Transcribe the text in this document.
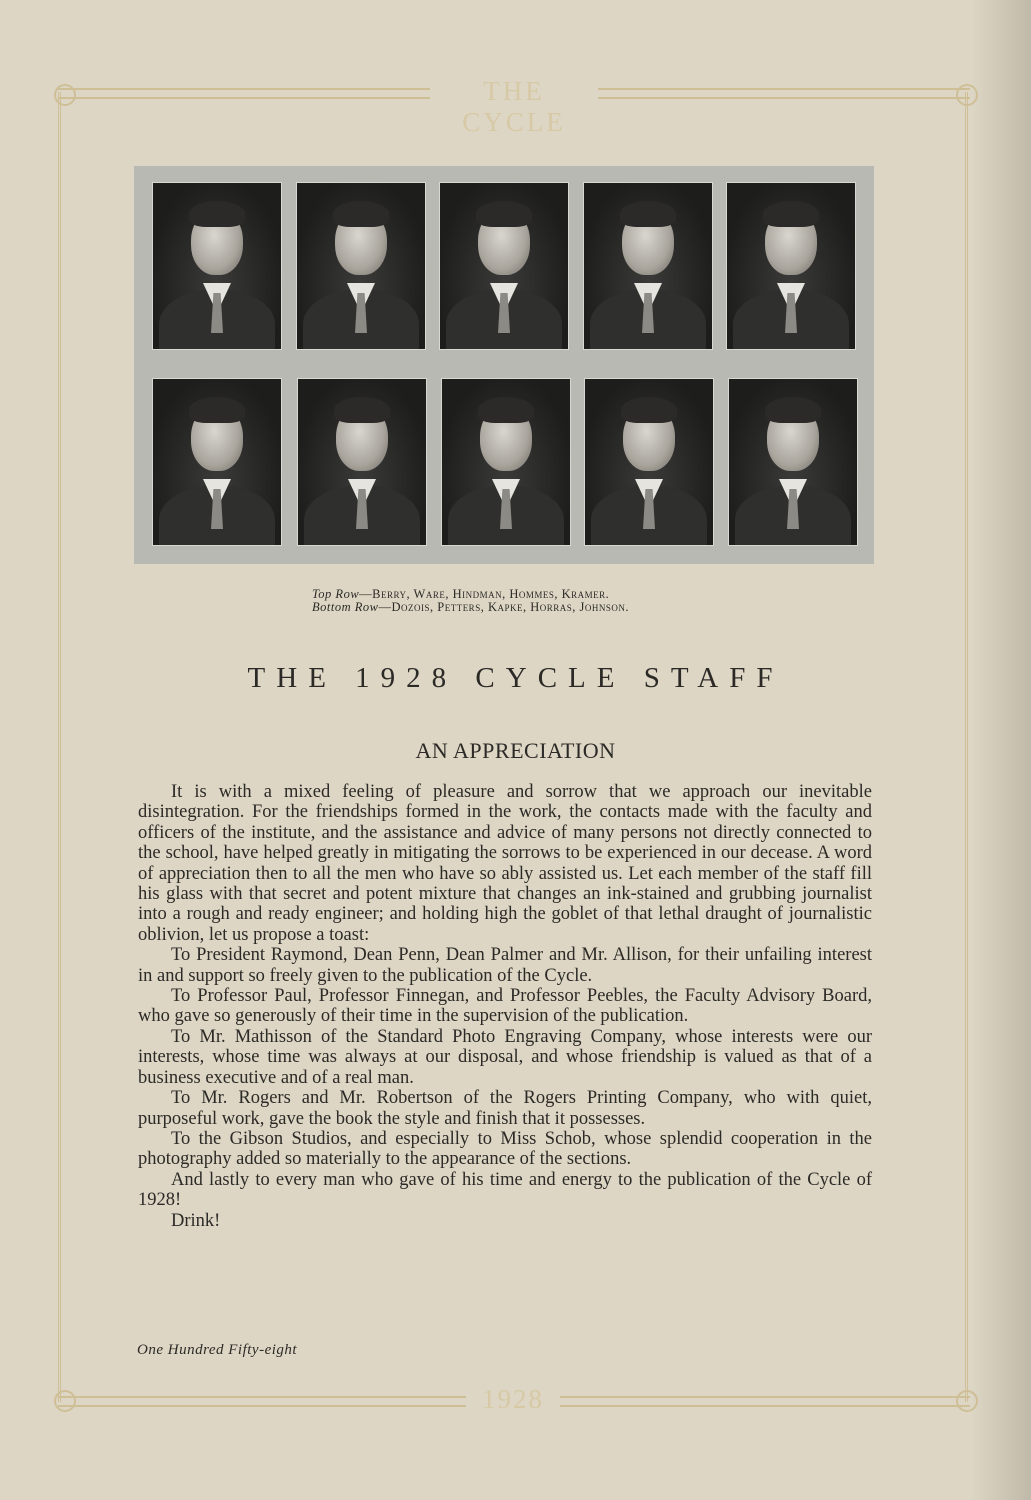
THE CYCLE
1928
Top Row—Berry, Ware, Hindman, Hommes, Kramer.
Bottom Row—Dozois, Petters, Kapke, Horras, Johnson.
THE 1928 CYCLE STAFF
AN APPRECIATION

It is with a mixed feeling of pleasure and sorrow that we approach our inevitable disintegration. For the friendships formed in the work, the contacts made with the faculty and officers of the institute, and the assistance and advice of many persons not directly connected to the school, have helped greatly in mitigating the sorrows to be experienced in our decease. A word of appreciation then to all the men who have so ably assisted us. Let each member of the staff fill his glass with that secret and potent mixture that changes an ink-stained and grubbing journalist into a rough and ready engineer; and holding high the goblet of that lethal draught of journalistic oblivion, let us propose a toast:

To President Raymond, Dean Penn, Dean Palmer and Mr. Allison, for their unfailing interest in and support so freely given to the publication of the Cycle.

To Professor Paul, Professor Finnegan, and Professor Peebles, the Faculty Advisory Board, who gave so generously of their time in the supervision of the publication.

To Mr. Mathisson of the Standard Photo Engraving Company, whose interests were our interests, whose time was always at our disposal, and whose friendship is valued as that of a business executive and of a real man.

To Mr. Rogers and Mr. Robertson of the Rogers Printing Company, who with quiet, purposeful work, gave the book the style and finish that it possesses.

To the Gibson Studios, and especially to Miss Schob, whose splendid cooperation in the photography added so materially to the appearance of the sections.

And lastly to every man who gave of his time and energy to the publication of the Cycle of 1928!

Drink!

One Hundred Fifty-eight
